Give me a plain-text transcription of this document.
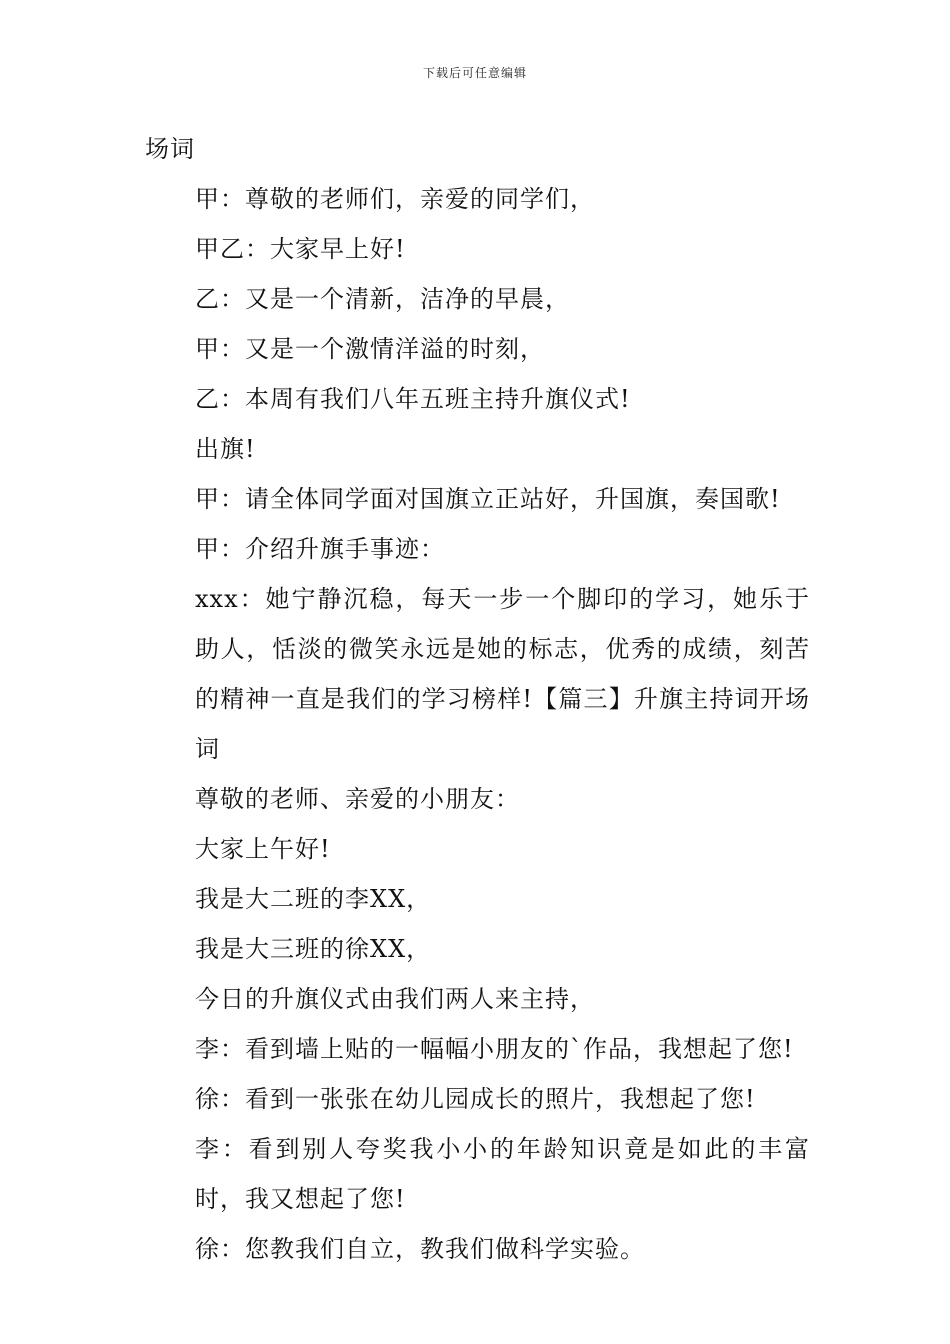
下载后可任意编辑

场词

甲：尊敬的老师们，亲爱的同学们，

甲乙：大家早上好!

乙：又是一个清新，洁净的早晨，

甲：又是一个激情洋溢的时刻，

乙：本周有我们八年五班主持升旗仪式!

出旗!

甲：请全体同学面对国旗立正站好，升国旗，奏国歌!

甲：介绍升旗手事迹：

xxx：她宁静沉稳，每天一步一个脚印的学习，她乐于助人，恬淡的微笑永远是她的标志，优秀的成绩，刻苦的精神一直是我们的学习榜样!【篇三】升旗主持词开场词

尊敬的老师、亲爱的小朋友：

大家上午好!

我是大二班的李XX，

我是大三班的徐XX，

今日的升旗仪式由我们两人来主持，

李：看到墙上贴的一幅幅小朋友的`作品，我想起了您!

徐：看到一张张在幼儿园成长的照片，我想起了您!

李：看到别人夸奖我小小的年龄知识竟是如此的丰富时，我又想起了您!

徐：您教我们自立，教我们做科学实验。
